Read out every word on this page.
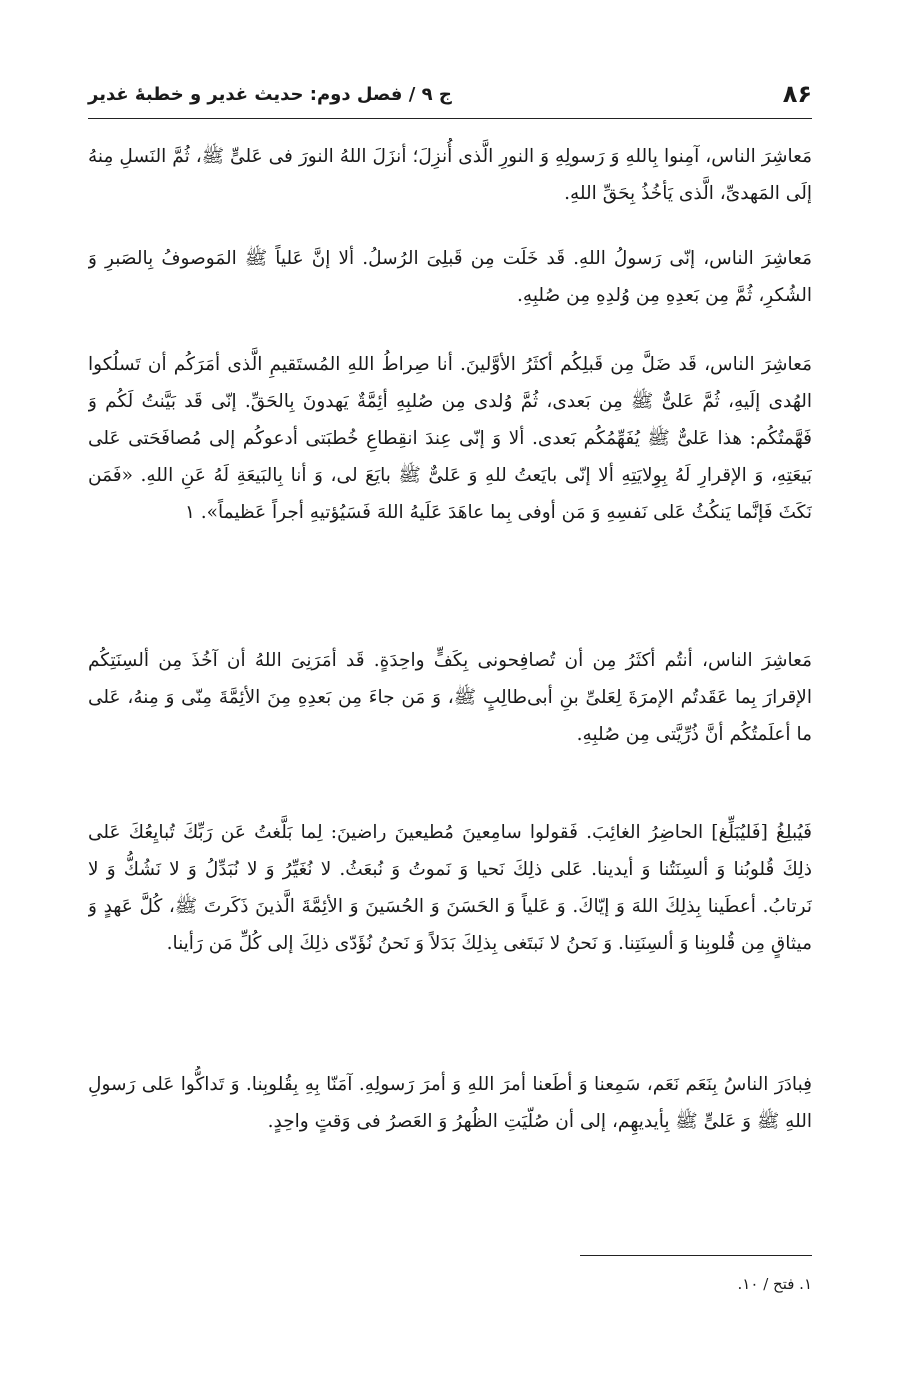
۸۶
ج ۹ / فصل دوم: حديث غدير و خطبهٔ غدير

مَعاشِرَ الناس، آمِنوا بِاللهِ وَ رَسولِهِ وَ النورِ الَّذى أُنزِلَ؛ أنزَلَ اللهُ النورَ فى عَلىٍّ ﷺ، ثُمَّ النَسلِ مِنهُ إلَى المَهدىِّ، الَّذى يَأخُذُ بِحَقِّ اللهِ.

مَعاشِرَ الناس، إنّى رَسولُ اللهِ. قَد خَلَت مِن قَبلِىَ الرُسلُ. ألا إنَّ عَلياً ﷺ المَوصوفُ بِالصَبرِ وَ الشُكرِ، ثُمَّ مِن بَعدِهِ مِن وُلدِهِ مِن صُلبِهِ.

مَعاشِرَ الناس، قَد ضَلَّ مِن قَبلِكُم أكثَرُ الأوَّلينَ. أنا صِراطُ اللهِ المُستَقيمِ الَّذى أمَرَكُم أن تَسلُكوا الهُدى إلَيهِ، ثُمَّ عَلىٌّ ﷺ مِن بَعدى، ثُمَّ وُلدى مِن صُلبِهِ أئِمَّةٌ يَهدونَ بِالحَقِّ. إنّى قَد بَيَّنتُ لَكُم وَ فَهَّمتُكُم: هذا عَلىٌّ ﷺ يُفَهِّمُكُم بَعدى. ألا وَ إنّى عِندَ انقِطاعِ خُطبَتى أدعوكُم إلى مُصافَحَتى عَلى بَيعَتِهِ، وَ الإقرارِ لَهُ بِوِلايَتِهِ ألا إنّى بايَعتُ للهِ وَ عَلىٌّ ﷺ بايَعَ لى، وَ أنا بِالبَيعَةِ لَهُ عَنِ اللهِ. «فَمَن نَكَثَ فَإنَّما يَنكُثُ عَلى نَفسِهِ وَ مَن أوفى بِما عاهَدَ عَلَيهُ اللهَ فَسَيُؤتيهِ أجراً عَظيماً». ١

مَعاشِرَ الناس، أنتُم أكثَرُ مِن أن تُصافِحونى بِكَفٍّ واحِدَةٍ. قَد أمَرَنِىَ اللهُ أن آخُذَ مِن ألسِنَتِكُم الإقرارَ بِما عَقَدتُم الإمرَةَ لِعَلىِّ بنِ أبى‌طالِبٍ ﷺ، وَ مَن جاءَ مِن بَعدِهِ مِنَ الأئِمَّةَ مِنّى وَ مِنهُ، عَلى ما أعلَمتُكُم أنَّ ذُرِّيَّتى مِن صُلبِهِ.

فَيُبلِغُ [فَليُبَلِّغ] الحاضِرُ الغائِبَ. فَقولوا سامِعينَ مُطيعينَ راضينَ: لِما بَلَّغتُ عَن رَبِّكَ تُبايِعُكَ عَلى ذلِكَ قُلوبُنا وَ ألسِنَتُنا وَ أيدينا. عَلى ذلِكَ نَحيا وَ نَموتُ وَ نُبعَثُ. لا نُغَيِّرُ وَ لا نُبَدِّلُ وَ لا نَشُكُّ وَ لا نَرتابُ. أعطَينا بِذلِكَ اللهَ وَ إيّاكَ. وَ عَلياً وَ الحَسَنَ وَ الحُسَينَ وَ الأئِمَّةَ الَّذينَ ذَكَرتَ ﷺ، كُلَّ عَهدٍ وَ ميثاقٍ مِن قُلوبِنا وَ ألسِنَتِنا. وَ نَحنُ لا نَبتَغى بِذلِكَ بَدَلاً وَ نَحنُ نُؤَدّى ذلِكَ إلى كُلِّ مَن رَأينا.

فِبادَرَ الناسُ بِنَعَم نَعَم، سَمِعنا وَ أطَعنا أمرَ اللهِ وَ أمرَ رَسولِهِ. آمَنّا بِهِ بِقُلوبِنا. وَ تَداكُّوا عَلى رَسولِ اللهِ ﷺ وَ عَلىٍّ ﷺ بِأيديهِم، إلى أن صُلّيَتِ الظُهرُ وَ العَصرُ فى وَقتٍ واحِدٍ.

١. فتح / ١٠.
